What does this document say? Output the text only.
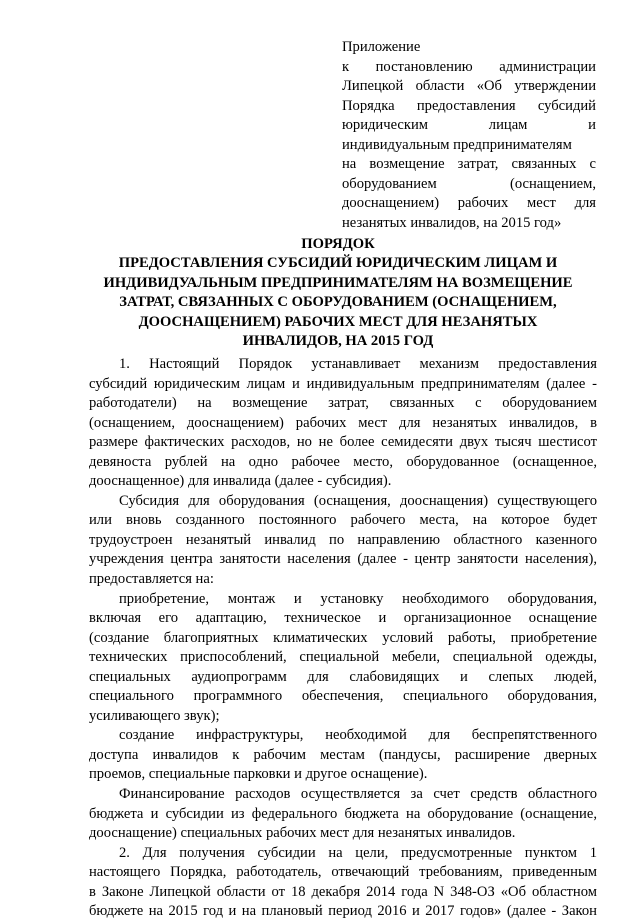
Приложение
к постановлению администрации
Липецкой области «Об утверждении
Порядка предоставления субсидий
юридическим лицам и
индивидуальным предпринимателям
на возмещение затрат, связанных с
оборудованием (оснащением,
дооснащением) рабочих мест для
незанятых инвалидов, на 2015 год»
ПОРЯДОК
ПРЕДОСТАВЛЕНИЯ СУБСИДИЙ ЮРИДИЧЕСКИМ ЛИЦАМ И
ИНДИВИДУАЛЬНЫМ ПРЕДПРИНИМАТЕЛЯМ НА ВОЗМЕЩЕНИЕ
ЗАТРАТ, СВЯЗАННЫХ С ОБОРУДОВАНИЕМ (ОСНАЩЕНИЕМ,
ДООСНАЩЕНИЕМ) РАБОЧИХ МЕСТ ДЛЯ НЕЗАНЯТЫХ
ИНВАЛИДОВ, НА 2015 ГОД
1. Настоящий Порядок устанавливает механизм предоставления
субсидий юридическим лицам и индивидуальным предпринимателям (далее -
работодатели) на возмещение затрат, связанных с оборудованием
(оснащением, дооснащением) рабочих мест для незанятых инвалидов, в
размере фактических расходов, но не более семидесяти двух тысяч шестисот
девяноста рублей на одно рабочее место, оборудованное (оснащенное,
дооснащенное) для инвалида (далее - субсидия).
Субсидия для оборудования (оснащения, дооснащения) существующего
или вновь созданного постоянного рабочего места, на которое будет
трудоустроен незанятый инвалид по направлению областного казенного
учреждения центра занятости населения (далее - центр занятости населения),
предоставляется на:
приобретение, монтаж и установку необходимого оборудования,
включая его адаптацию, техническое и организационное оснащение
(создание благоприятных климатических условий работы, приобретение
технических приспособлений, специальной мебели, специальной одежды,
специальных аудиопрограмм для слабовидящих и слепых людей,
специального программного обеспечения, специального оборудования,
усиливающего звук);
создание инфраструктуры, необходимой для беспрепятственного
доступа инвалидов к рабочим местам (пандусы, расширение дверных
проемов, специальные парковки и другое оснащение).
Финансирование расходов осуществляется за счет средств областного
бюджета и субсидии из федерального бюджета на оборудование (оснащение,
дооснащение) специальных рабочих мест для незанятых инвалидов.
2. Для получения субсидии на цели, предусмотренные пунктом 1
настоящего Порядка, работодатель, отвечающий требованиям, приведенным
в Законе Липецкой области от 18 декабря 2014 года N 348-ОЗ «Об областном
бюджете на 2015 год и на плановый период 2016 и 2017 годов» (далее - Закон
